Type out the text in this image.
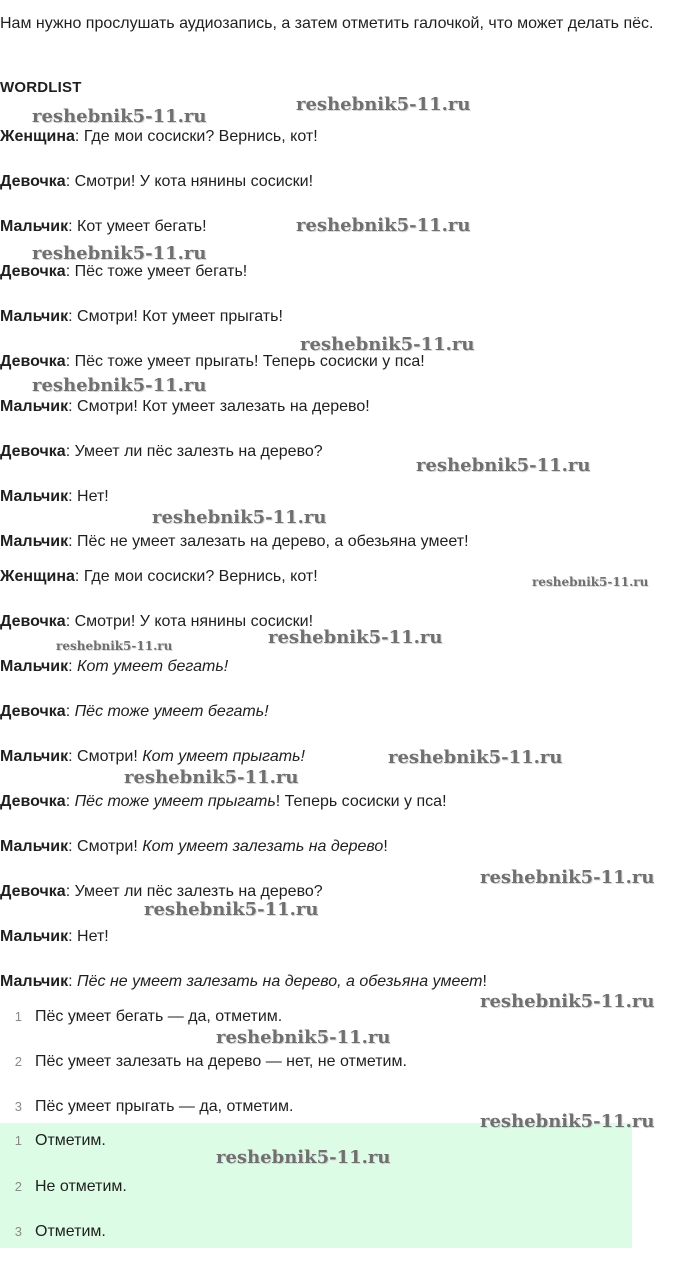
Нам нужно прослушать аудиозапись, а затем отметить галочкой, что может делать пёс.
WORDLIST
Женщина: Где мои сосиски? Вернись, кот!
Девочка: Смотри! У кота нянины сосиски!
Мальчик: Кот умеет бегать!
Девочка: Пёс тоже умеет бегать!
Мальчик: Смотри! Кот умеет прыгать!
Девочка: Пёс тоже умеет прыгать! Теперь сосиски у пса!
Мальчик: Смотри! Кот умеет залезать на дерево!
Девочка: Умеет ли пёс залезть на дерево?
Мальчик: Нет!
Мальчик: Пёс не умеет залезать на дерево, а обезьяна умеет!
Женщина: Где мои сосиски? Вернись, кот!
Девочка: Смотри! У кота нянины сосиски!
Мальчик: Кот умеет бегать!
Девочка: Пёс тоже умеет бегать!
Мальчик: Смотри! Кот умеет прыгать!
Девочка: Пёс тоже умеет прыгать! Теперь сосиски у пса!
Мальчик: Смотри! Кот умеет залезать на дерево!
Девочка: Умеет ли пёс залезть на дерево?
Мальчик: Нет!
Мальчик: Пёс не умеет залезать на дерево, а обезьяна умеет!
1 Пёс умеет бегать — да, отметим.
2 Пёс умеет залезать на дерево — нет, не отметим.
3 Пёс умеет прыгать — да, отметим.
1 Отметим.
2 Не отметим.
3 Отметим.
reshebnik5-11.ru
reshebnik5-11.ru
reshebnik5-11.ru
reshebnik5-11.ru
reshebnik5-11.ru
reshebnik5-11.ru
reshebnik5-11.ru
reshebnik5-11.ru
reshebnik5-11.ru
reshebnik5-11.ru
reshebnik5-11.ru
reshebnik5-11.ru
reshebnik5-11.ru
reshebnik5-11.ru
reshebnik5-11.ru
reshebnik5-11.ru
reshebnik5-11.ru
reshebnik5-11.ru
reshebnik5-11.ru
